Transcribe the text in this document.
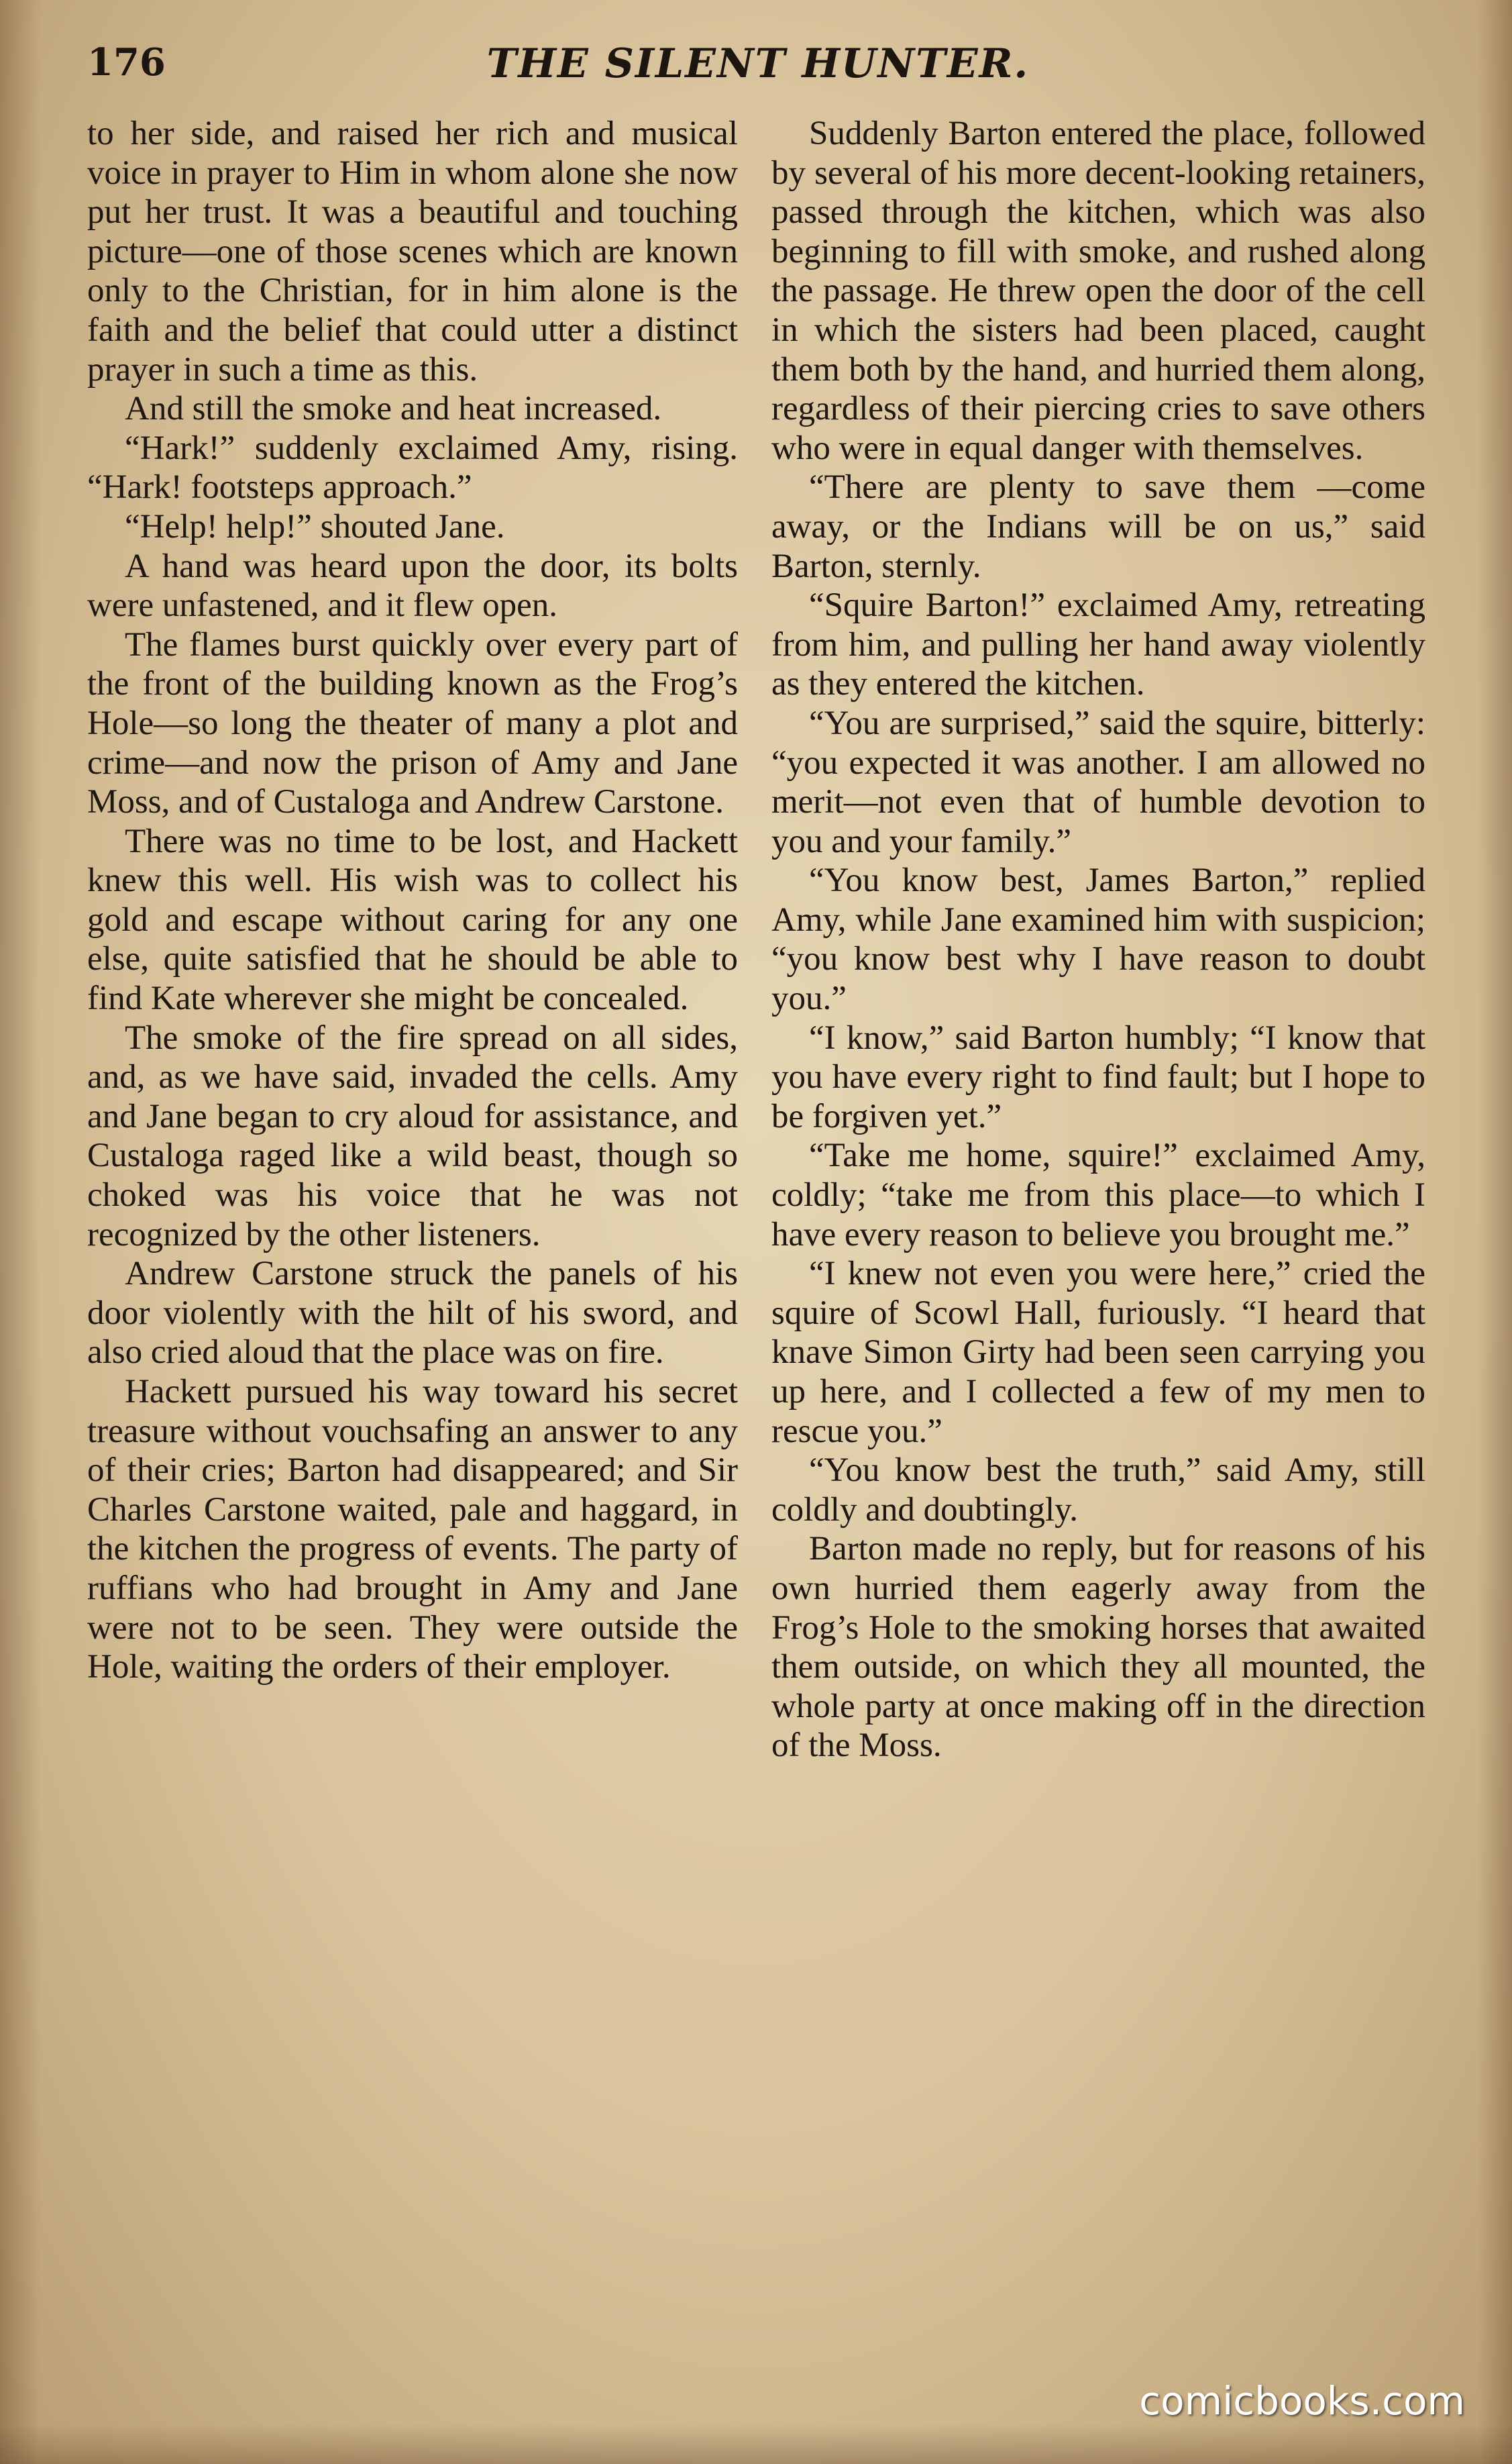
176	THE SILENT HUNTER.

to her side, and raised her rich and musical voice in prayer to Him in whom alone she now put her trust. It was a beautiful and touching picture—one of those scenes which are known only to the Christian, for in him alone is the faith and the belief that could utter a distinct prayer in such a time as this.

And still the smoke and heat increased.

“Hark!” suddenly exclaimed Amy, rising. “Hark! footsteps approach.”

“Help! help!” shouted Jane.

A hand was heard upon the door, its bolts were unfastened, and it flew open.

The flames burst quickly over every part of the front of the building known as the Frog’s Hole—so long the theater of many a plot and crime—and now the prison of Amy and Jane Moss, and of Custaloga and Andrew Carstone.

There was no time to be lost, and Hackett knew this well. His wish was to collect his gold and escape without caring for any one else, quite satisfied that he should be able to find Kate wherever she might be concealed.

The smoke of the fire spread on all sides, and, as we have said, invaded the cells. Amy and Jane began to cry aloud for assistance, and Custaloga raged like a wild beast, though so choked was his voice that he was not recognized by the other listeners.

Andrew Carstone struck the panels of his door violently with the hilt of his sword, and also cried aloud that the place was on fire.

Hackett pursued his way toward his secret treasure without vouchsafing an answer to any of their cries; Barton had disappeared; and Sir Charles Carstone waited, pale and haggard, in the kitchen the progress of events. The party of ruffians who had brought in Amy and Jane were not to be seen. They were outside the Hole, waiting the orders of their employer.

Suddenly Barton entered the place, followed by several of his more decent-looking retainers, passed through the kitchen, which was also beginning to fill with smoke, and rushed along the passage. He threw open the door of the cell in which the sisters had been placed, caught them both by the hand, and hurried them along, regardless of their piercing cries to save others who were in equal danger with themselves.

“There are plenty to save them —come away, or the Indians will be on us,” said Barton, sternly.

“Squire Barton!” exclaimed Amy, retreating from him, and pulling her hand away violently as they entered the kitchen.

“You are surprised,” said the squire, bitterly: “you expected it was another. I am allowed no merit—not even that of humble devotion to you and your family.”

“You know best, James Barton,” replied Amy, while Jane examined him with suspicion; “you know best why I have reason to doubt you.”

“I know,” said Barton humbly; “I know that you have every right to find fault; but I hope to be forgiven yet.”

“Take me home, squire!” exclaimed Amy, coldly; “take me from this place—to which I have every reason to believe you brought me.”

“I knew not even you were here,” cried the squire of Scowl Hall, furiously. “I heard that knave Simon Girty had been seen carrying you up here, and I collected a few of my men to rescue you.”

“You know best the truth,” said Amy, still coldly and doubtingly.

Barton made no reply, but for reasons of his own hurried them eagerly away from the Frog’s Hole to the smoking horses that awaited them outside, on which they all mounted, the whole party at once making off in the direction of the Moss.

comicbooks.com
